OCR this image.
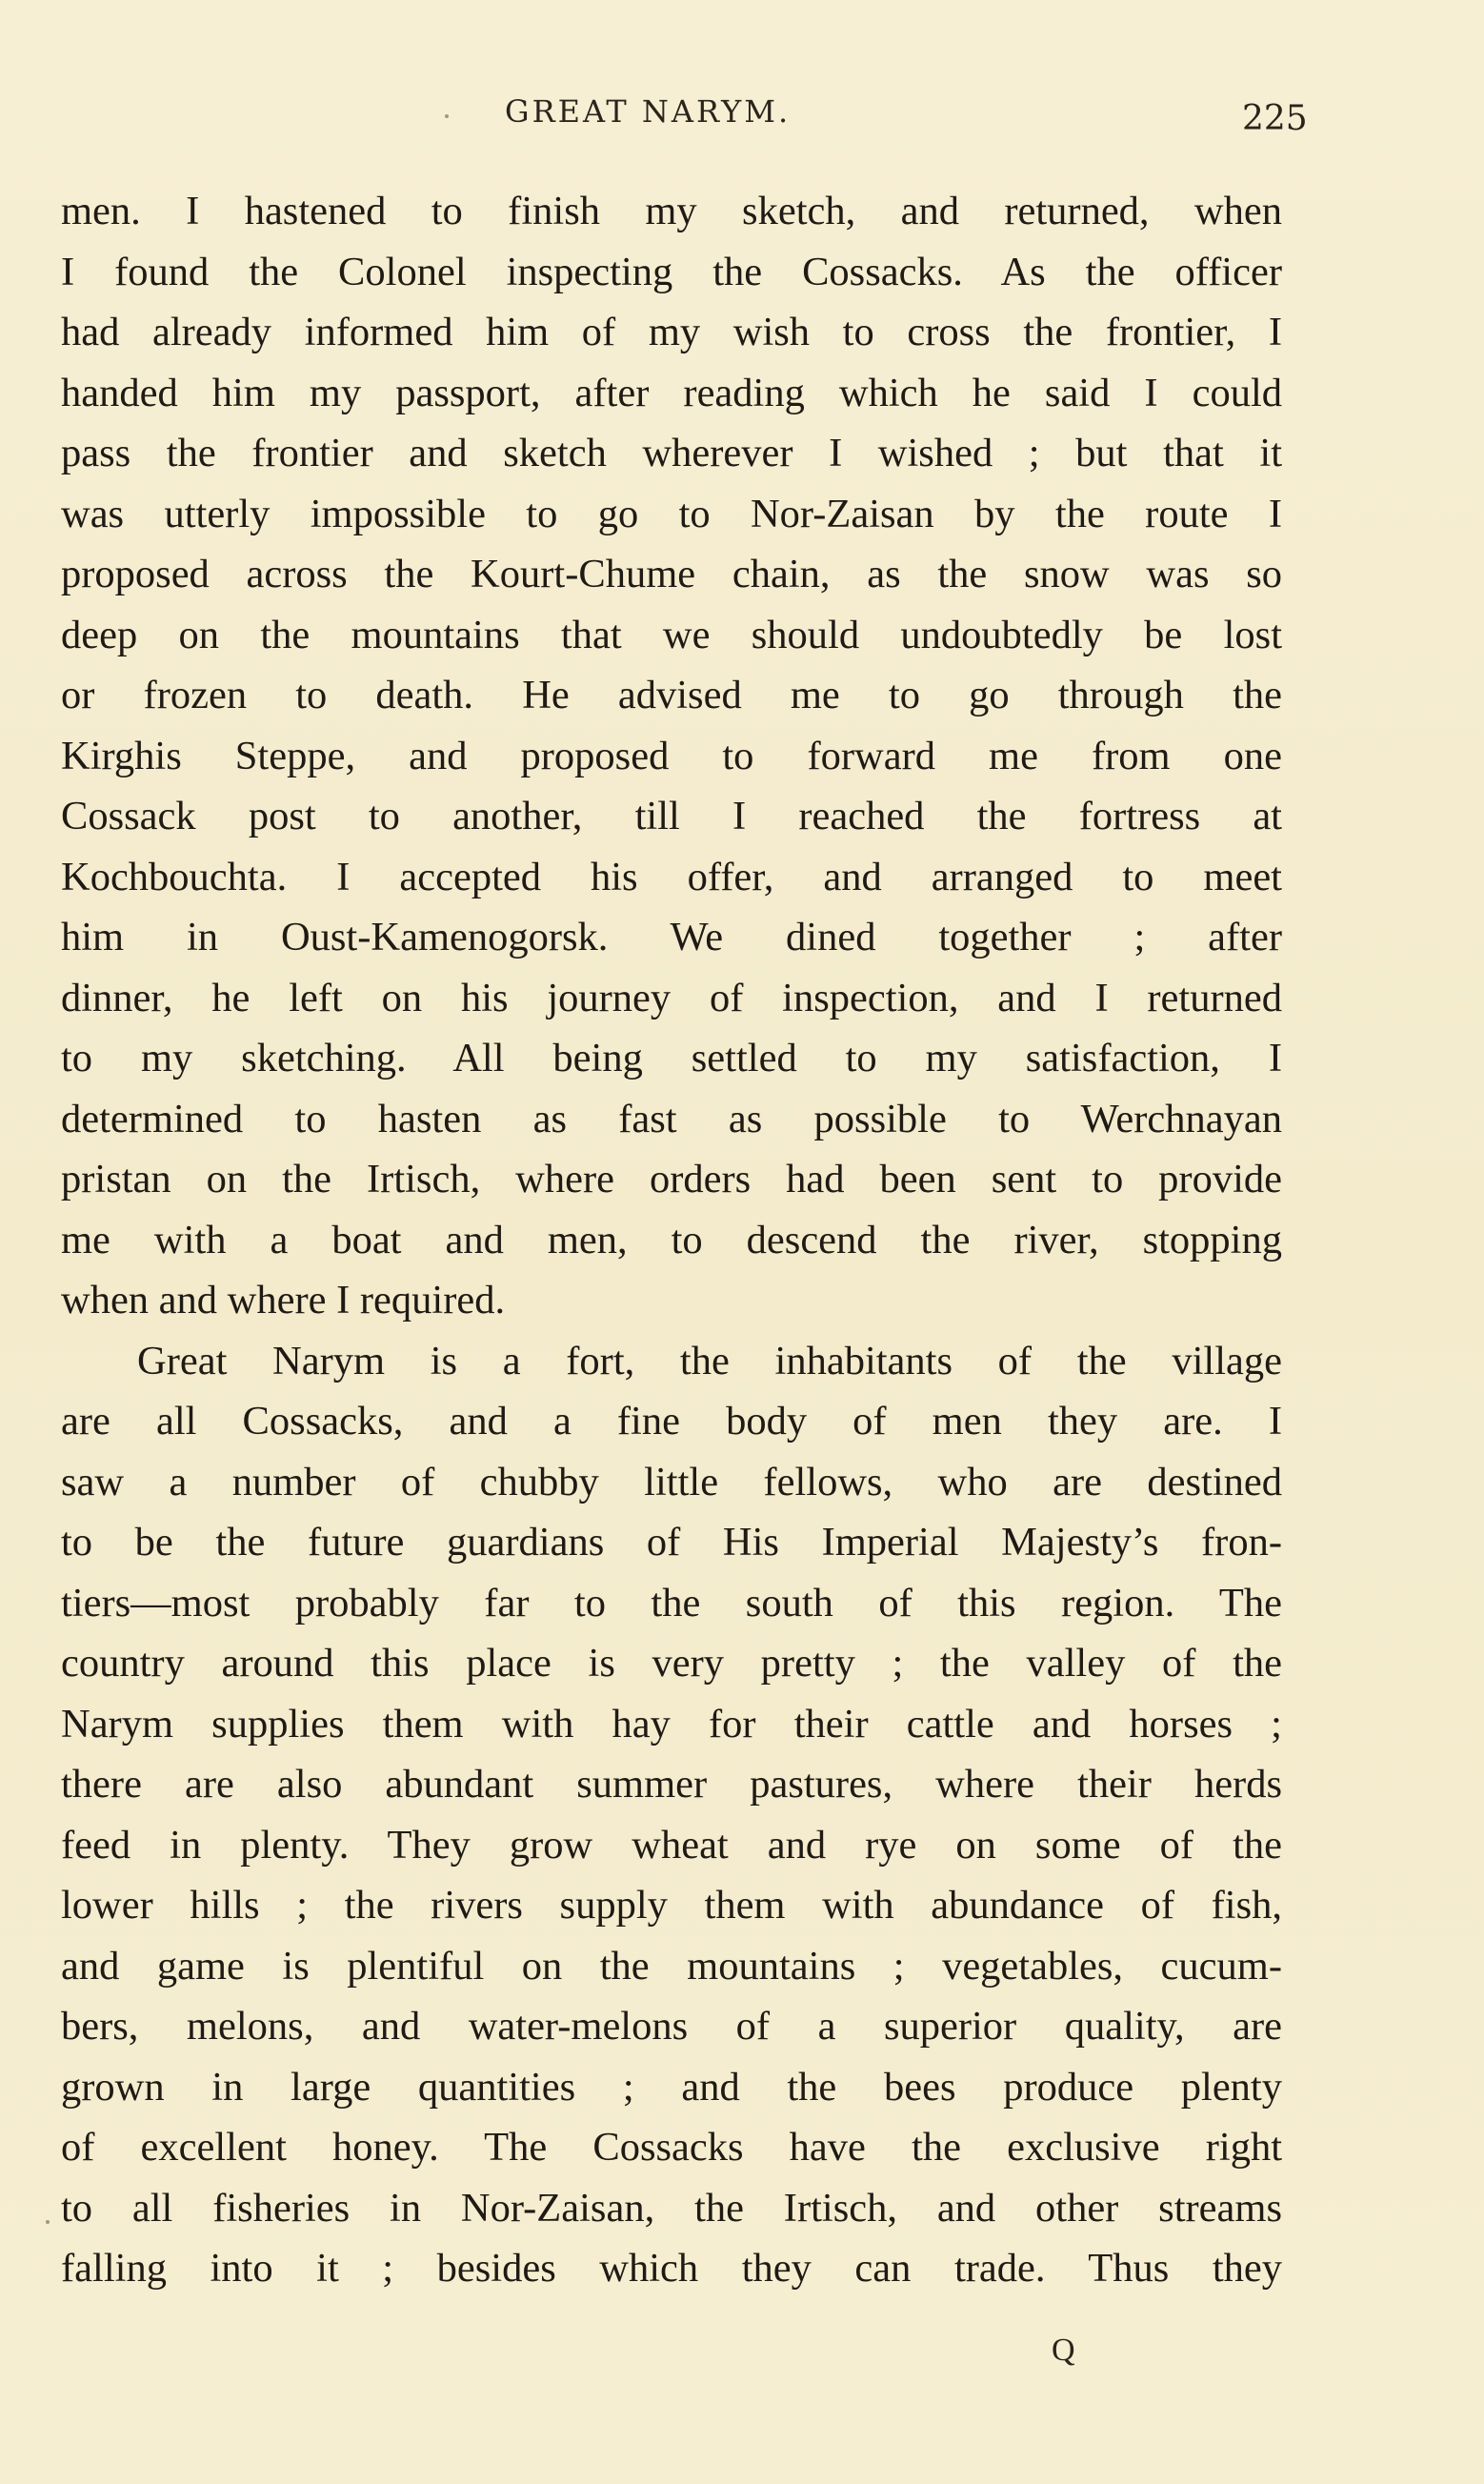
GREAT NARYM.	225
men. I hastened to finish my sketch, and returned, when
I found the Colonel inspecting the Cossacks. As the officer
had already informed him of my wish to cross the frontier, I
handed him my passport, after reading which he said I could
pass the frontier and sketch wherever I wished ; but that it
was utterly impossible to go to Nor-Zaisan by the route I
proposed across the Kourt-Chume chain, as the snow was so
deep on the mountains that we should undoubtedly be lost
or frozen to death. He advised me to go through the
Kirghis Steppe, and proposed to forward me from one
Cossack post to another, till I reached the fortress at
Kochbouchta. I accepted his offer, and arranged to meet
him in Oust-Kamenogorsk. We dined together ; after
dinner, he left on his journey of inspection, and I returned
to my sketching. All being settled to my satisfaction, I
determined to hasten as fast as possible to Werchnayan
pristan on the Irtisch, where orders had been sent to provide
me with a boat and men, to descend the river, stopping
when and where I required.
Great Narym is a fort, the inhabitants of the village
are all Cossacks, and a fine body of men they are. I
saw a number of chubby little fellows, who are destined
to be the future guardians of His Imperial Majesty’s fron-
tiers—most probably far to the south of this region. The
country around this place is very pretty ; the valley of the
Narym supplies them with hay for their cattle and horses ;
there are also abundant summer pastures, where their herds
feed in plenty. They grow wheat and rye on some of the
lower hills ; the rivers supply them with abundance of fish,
and game is plentiful on the mountains ; vegetables, cucum-
bers, melons, and water-melons of a superior quality, are
grown in large quantities ; and the bees produce plenty
of excellent honey. The Cossacks have the exclusive right
to all fisheries in Nor-Zaisan, the Irtisch, and other streams
falling into it ; besides which they can trade. Thus they
Q
